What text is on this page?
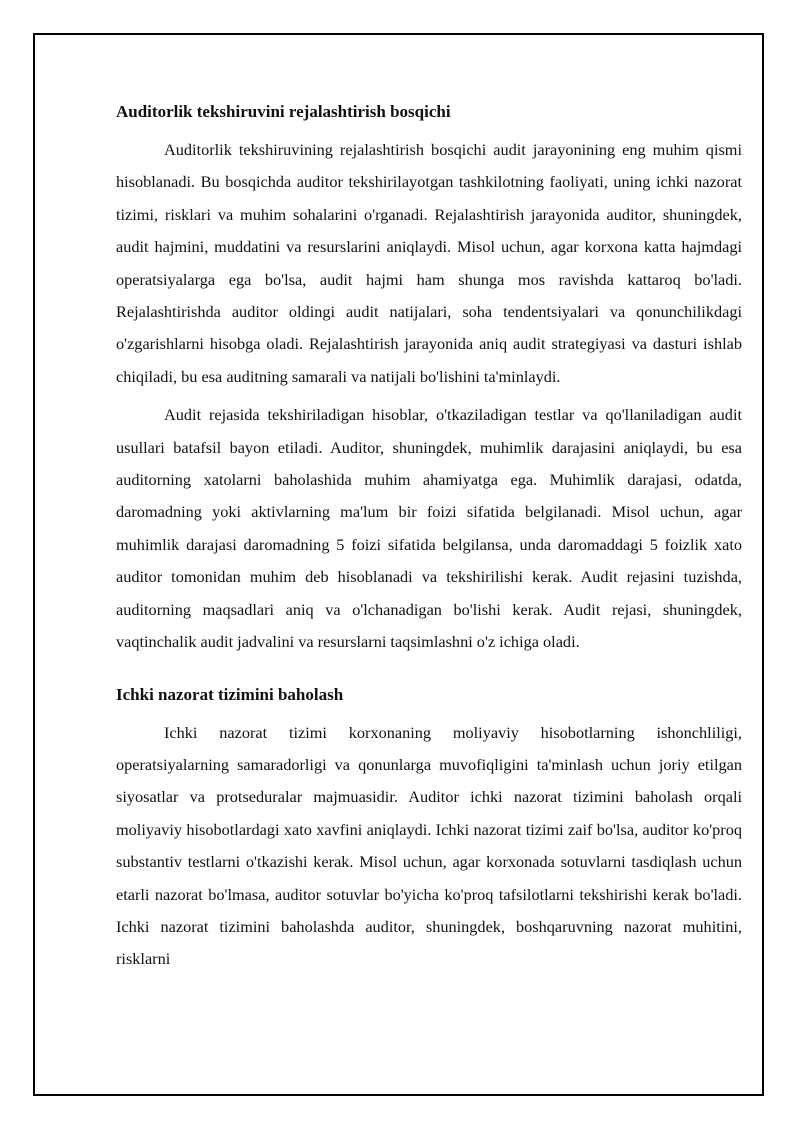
Auditorlik tekshiruvini rejalashtirish bosqichi

Auditorlik tekshiruvining rejalashtirish bosqichi audit jarayonining eng muhim qismi hisoblanadi. Bu bosqichda auditor tekshirilayotgan tashkilotning faoliyati, uning ichki nazorat tizimi, risklari va muhim sohalarini o'rganadi. Rejalashtirish jarayonida auditor, shuningdek, audit hajmini, muddatini va resurslarini aniqlaydi. Misol uchun, agar korxona katta hajmdagi operatsiyalarga ega bo'lsa, audit hajmi ham shunga mos ravishda kattaroq bo'ladi. Rejalashtirishda auditor oldingi audit natijalari, soha tendentsiyalari va qonunchilikdagi o'zgarishlarni hisobga oladi. Rejalashtirish jarayonida aniq audit strategiyasi va dasturi ishlab chiqiladi, bu esa auditning samarali va natijali bo'lishini ta'minlaydi.

Audit rejasida tekshiriladigan hisoblar, o'tkaziladigan testlar va qo'llaniladigan audit usullari batafsil bayon etiladi. Auditor, shuningdek, muhimlik darajasini aniqlaydi, bu esa auditorning xatolarni baholashida muhim ahamiyatga ega. Muhimlik darajasi, odatda, daromadning yoki aktivlarning ma'lum bir foizi sifatida belgilanadi. Misol uchun, agar muhimlik darajasi daromadning 5 foizi sifatida belgilansa, unda daromaddagi 5 foizlik xato auditor tomonidan muhim deb hisoblanadi va tekshirilishi kerak. Audit rejasini tuzishda, auditorning maqsadlari aniq va o'lchanadigan bo'lishi kerak. Audit rejasi, shuningdek, vaqtinchalik audit jadvalini va resurslarni taqsimlashni o'z ichiga oladi.

Ichki nazorat tizimini baholash

Ichki nazorat tizimi korxonaning moliyaviy hisobotlarning ishonchliligi, operatsiyalarning samaradorligi va qonunlarga muvofiqligini ta'minlash uchun joriy etilgan siyosatlar va protseduralar majmuasidir. Auditor ichki nazorat tizimini baholash orqali moliyaviy hisobotlardagi xato xavfini aniqlaydi. Ichki nazorat tizimi zaif bo'lsa, auditor ko'proq substantiv testlarni o'tkazishi kerak. Misol uchun, agar korxonada sotuvlarni tasdiqlash uchun etarli nazorat bo'lmasa, auditor sotuvlar bo'yicha ko'proq tafsilotlarni tekshirishi kerak bo'ladi. Ichki nazorat tizimini baholashda auditor, shuningdek, boshqaruvning nazorat muhitini, risklarni
